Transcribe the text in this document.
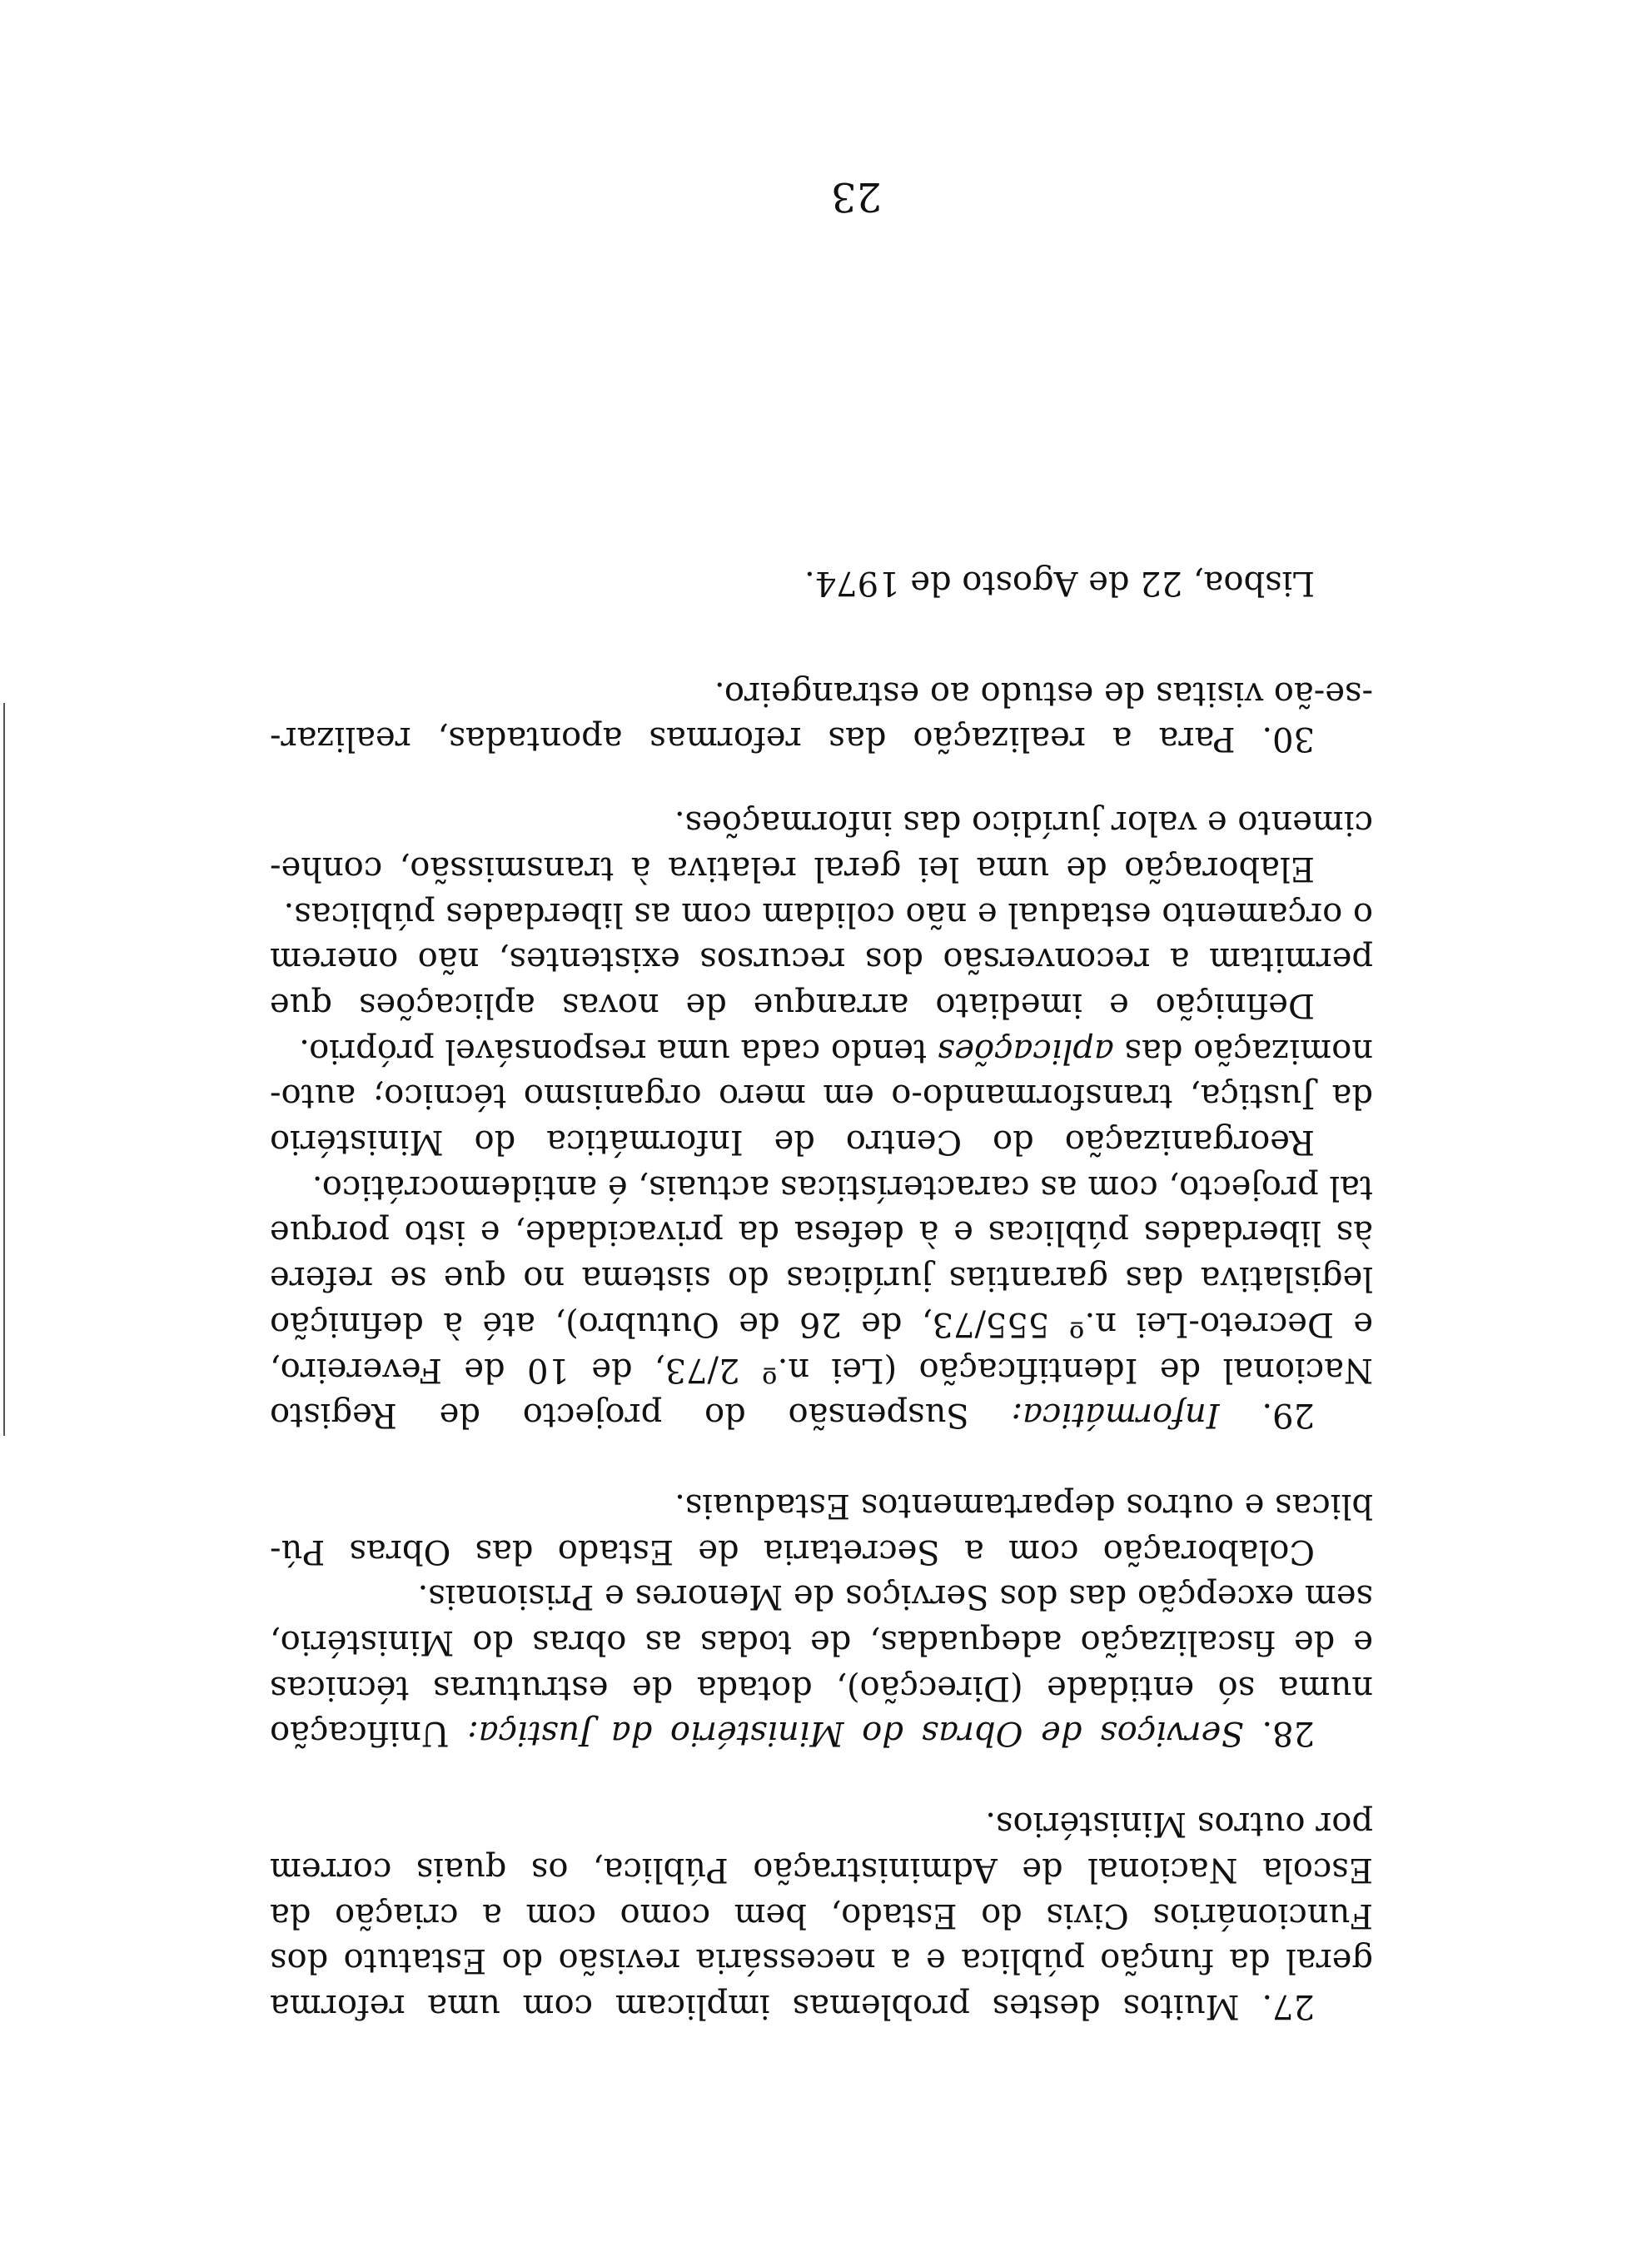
27. Muitos destes problemas implicam com uma reforma
geral da função pública e a necessária revisão do Estatuto dos
Funcionários Civis do Estado, bem como com a criação da
Escola Nacional de Administração Pública, os quais correm
por outros Ministérios.
28. Serviços de Obras do Ministério da Justiça: Unificação
numa só entidade (Direcção), dotada de estruturas técnicas
e de fiscalização adequadas, de todas as obras do Ministério,
sem excepção das dos Serviços de Menores e Prisionais.
Colaboração com a Secretaria de Estado das Obras Pú-
blicas e outros departamentos Estaduais.
29. Informática: Suspensão do projecto de Registo
Nacional de Identificação (Lei n.º 2/73, de 10 de Fevereiro,
e Decreto-Lei n.º 555/73, de 26 de Outubro), até à definição
legislativa das garantias jurídicas do sistema no que se refere
às liberdades públicas e à defesa da privacidade, e isto porque
tal projecto, com as características actuais, é antidemocrático.
Reorganização do Centro de Informática do Ministério
da Justiça, transformando-o em mero organismo técnico; auto-
nomização das aplicações tendo cada uma responsável próprio.
Definição e imediato arranque de novas aplicações que
permitam a reconversão dos recursos existentes, não onerem
o orçamento estadual e não colidam com as liberdades públicas.
Elaboração de uma lei geral relativa à transmissão, conhe-
cimento e valor jurídico das informações.
30. Para a realização das reformas apontadas, realizar-
-se-ão visitas de estudo ao estrangeiro.
Lisboa, 22 de Agosto de 1974.
23
